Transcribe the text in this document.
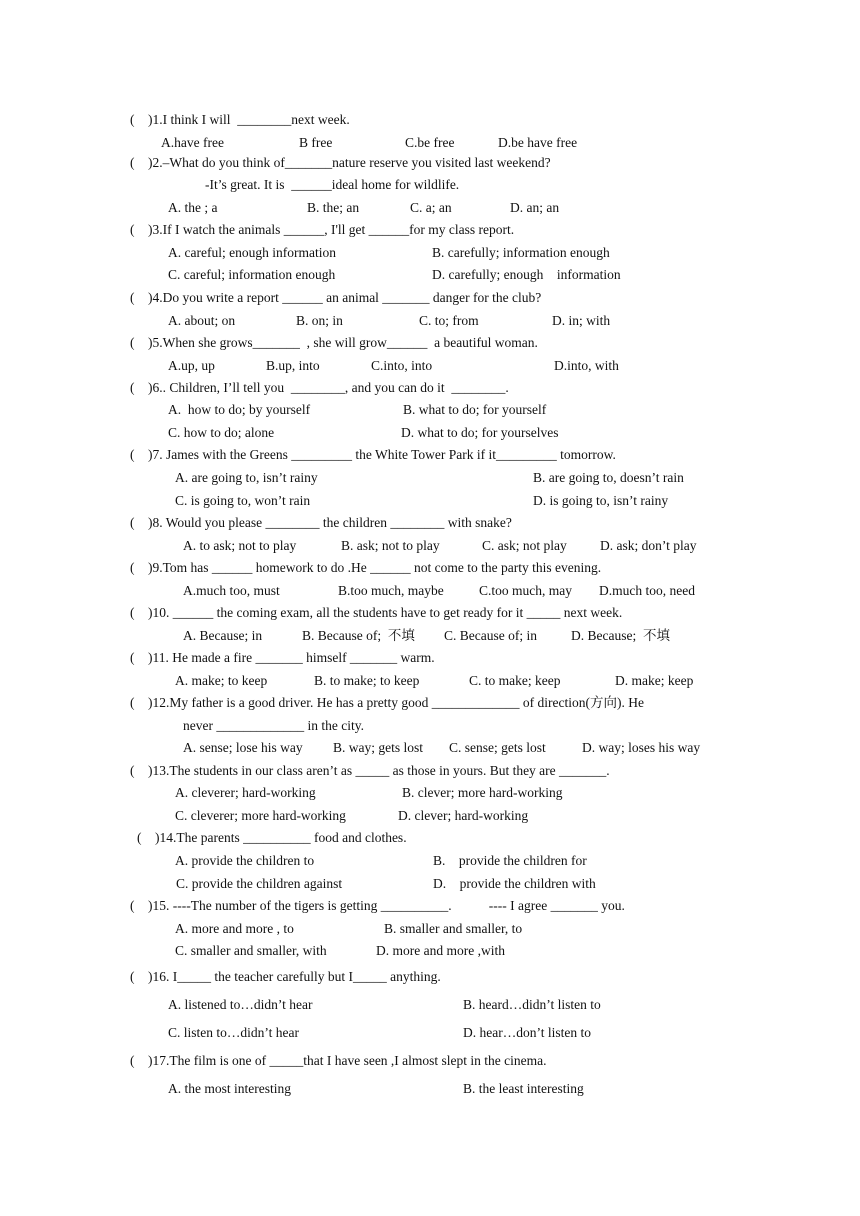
(    )1.I think I will  ________next week.
A.have free	B free	C.be free	D.be have free
(    )2.–What do you think of_______nature reserve you visited last weekend?
-It’s great. It is  ______ideal home for wildlife.
A. the ; a	B. the; an	C. a; an	D. an; an
(    )3.If I watch the animals ______, I'll get ______for my class report.
A. careful; enough information	B. carefully; information enough
C. careful; information enough	D. carefully; enough    information
(    )4.Do you write a report ______ an animal _______ danger for the club?
A. about; on	B. on; in	C. to; from	D. in; with
(    )5.When she grows_______  , she will grow______  a beautiful woman.
A.up, up	B.up, into	C.into, into	D.into, with
(    )6.. Children, I’ll tell you  ________, and you can do it  ________.
A.  how to do; by yourself	B. what to do; for yourself
C. how to do; alone	D. what to do; for yourselves
(    )7. James with the Greens _________ the White Tower Park if it_________ tomorrow.
A. are going to, isn’t rainy	B. are going to, doesn’t rain
C. is going to, won’t rain	D. is going to, isn’t rainy
(    )8. Would you please ________ the children ________ with snake?
A. to ask; not to play	B. ask; not to play	C. ask; not play D. ask; don’t play
(    )9.Tom has ______ homework to do .He ______ not come to the party this evening.
A.much too, must	B.too much, maybe	C.too much, may D.much too, need
(    )10. ______ the coming exam, all the students have to get ready for it _____ next week.
A. Because; in	B. Because of;  不填 C. Because of; in	D. Because;  不填
(    )11. He made a fire _______ himself _______ warm.
A. make; to keep	B. to make; to keep	C. to make; keep	D. make; keep
(    )12.My father is a good driver. He has a pretty good _____________ of direction(方向). He
never _____________ in the city.
A. sense; lose his way B. way; gets lost C. sense; gets lost	D. way; loses his way
(    )13.The students in our class aren’t as _____ as those in yours. But they are _______.
A. cleverer; hard-working	B. clever; more hard-working
C. cleverer; more hard-working	D. clever; hard-working
(    )14.The parents __________ food and clothes.
A. provide the children to	B.    provide the children for
C. provide the children against	D.    provide the children with
(    )15. ----The number of the tigers is getting __________.           ---- I agree _______ you.
A. more and more , to	B. smaller and smaller, to
C. smaller and smaller, with	D. more and more ,with
(    )16. I_____ the teacher carefully but I_____ anything.
A. listened to…didn’t hear	B. heard…didn’t listen to
C. listen to…didn’t hear	D. hear…don’t listen to
(    )17.The film is one of _____that I have seen ,I almost slept in the cinema.
A. the most interesting	B. the least interesting
